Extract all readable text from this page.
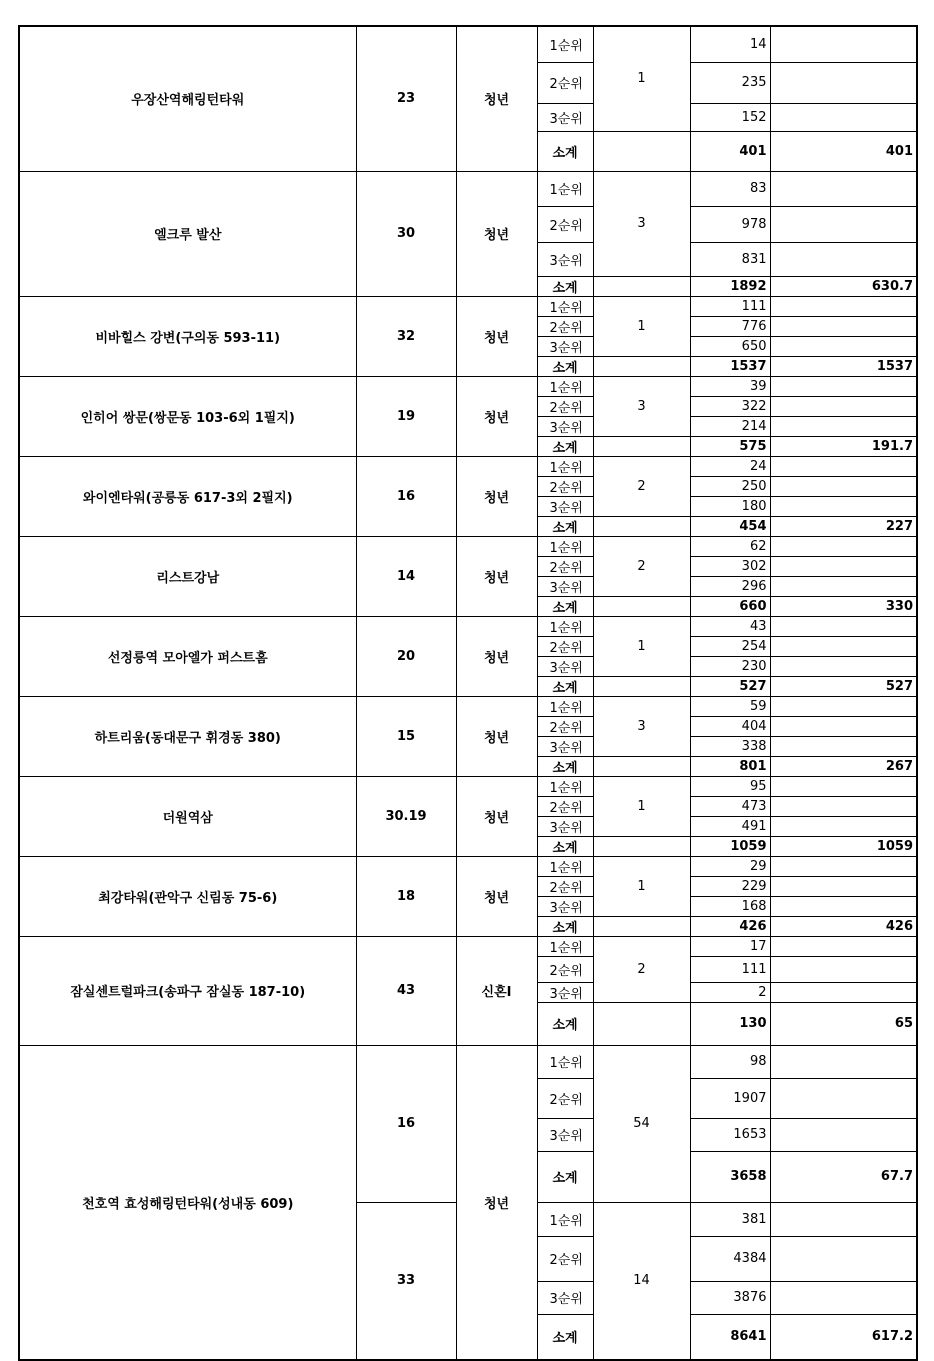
우장산역해링턴타워	23	청년	1순위	1	14	
			2순위		235	
			3순위		152	
			소계		401	401
엘크루 발산	30	청년	1순위	3	83	
			2순위		978	
			3순위		831	
			소계		1892	630.7
비바힐스 강변(구의동 593-11)	32	청년	1순위	1	111	
			2순위		776	
			3순위		650	
			소계		1537	1537
인히어 쌍문(쌍문동 103-6외 1필지)	19	청년	1순위	3	39	
			2순위		322	
			3순위		214	
			소계		575	191.7
와이엔타워(공릉동 617-3외 2필지)	16	청년	1순위	2	24	
			2순위		250	
			3순위		180	
			소계		454	227
리스트강남	14	청년	1순위	2	62	
			2순위		302	
			3순위		296	
			소계		660	330
선정릉역 모아엘가 퍼스트홈	20	청년	1순위	1	43	
			2순위		254	
			3순위		230	
			소계		527	527
하트리움(동대문구 휘경동 380)	15	청년	1순위	3	59	
			2순위		404	
			3순위		338	
			소계		801	267
더원역삼	30.19	청년	1순위	1	95	
			2순위		473	
			3순위		491	
			소계		1059	1059
최강타워(관악구 신림동 75-6)	18	청년	1순위	1	29	
			2순위		229	
			3순위		168	
			소계		426	426
잠실센트럴파크(송파구 잠실동 187-10)	43	신혼I	1순위	2	17	
			2순위		111	
			3순위		2	
			소계		130	65
천호역 효성해링턴타워(성내동 609)	16	청년	1순위	54	98	
			2순위		1907	
			3순위		1653	
			소계		3658	67.7
	33		1순위	14	381	
			2순위		4384	
			3순위		3876	
			소계		8641	617.2
